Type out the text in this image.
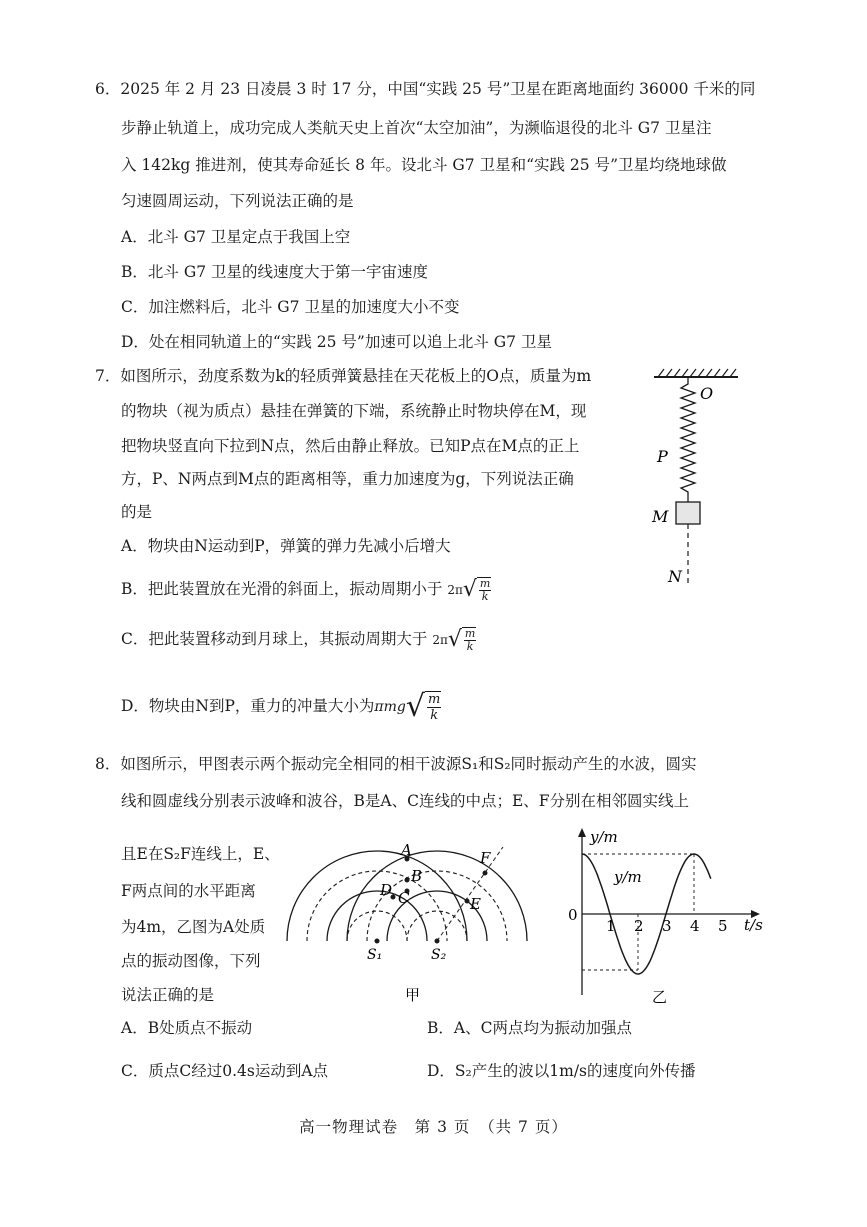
6．2025 年 2 月 23 日凌晨 3 时 17 分，中国“实践 25 号”卫星在距离地面约 36000 千米的同
步静止轨道上，成功完成人类航天史上首次“太空加油”，为濒临退役的北斗 G7 卫星注
入 142kg 推进剂，使其寿命延长 8 年。设北斗 G7 卫星和“实践 25 号”卫星均绕地球做
匀速圆周运动，下列说法正确的是
A．北斗 G7 卫星定点于我国上空
B．北斗 G7 卫星的线速度大于第一宇宙速度
C．加注燃料后，北斗 G7 卫星的加速度大小不变
D．处在相同轨道上的“实践 25 号”加速可以追上北斗 G7 卫星
7．如图所示，劲度系数为k的轻质弹簧悬挂在天花板上的O点，质量为m
的物块（视为质点）悬挂在弹簧的下端，系统静止时物块停在M，现
把物块竖直向下拉到N点，然后由静止释放。已知P点在M点的正上
方，P、N两点到M点的距离相等，重力加速度为g，下列说法正确
的是
A．物块由N运动到P，弹簧的弹力先减小后增大
B．把此装置放在光滑的斜面上，振动周期小于 $2\pi√ \frac{m}{k}$
C．把此装置移动到月球上，其振动周期大于 $2\pi√ \frac{m}{k}$
D．物块由N到P，重力的冲量大小为$\pi mg√ \frac{m}{k}$
O
P
M
N
8．如图所示，甲图表示两个振动完全相同的相干波源S₁和S₂同时振动产生的水波，圆实
线和圆虚线分别表示波峰和波谷，B是A、C连线的中点；E、F分别在相邻圆实线上
且E在S₂F连线上，E、
F两点间的水平距离
为4m，乙图为A处质
点的振动图像，下列
说法正确的是
A
B
C
D
E
F
S₁	S₂
甲
y/m
y/m
0
1 2 3 4 5 t/s
乙
A．B处质点不振动	B．A、C两点均为振动加强点
C．质点C经过0.4s运动到A点	D．S₂产生的波以1m/s的速度向外传播
高一物理试卷　第 3 页　（共 7 页）
